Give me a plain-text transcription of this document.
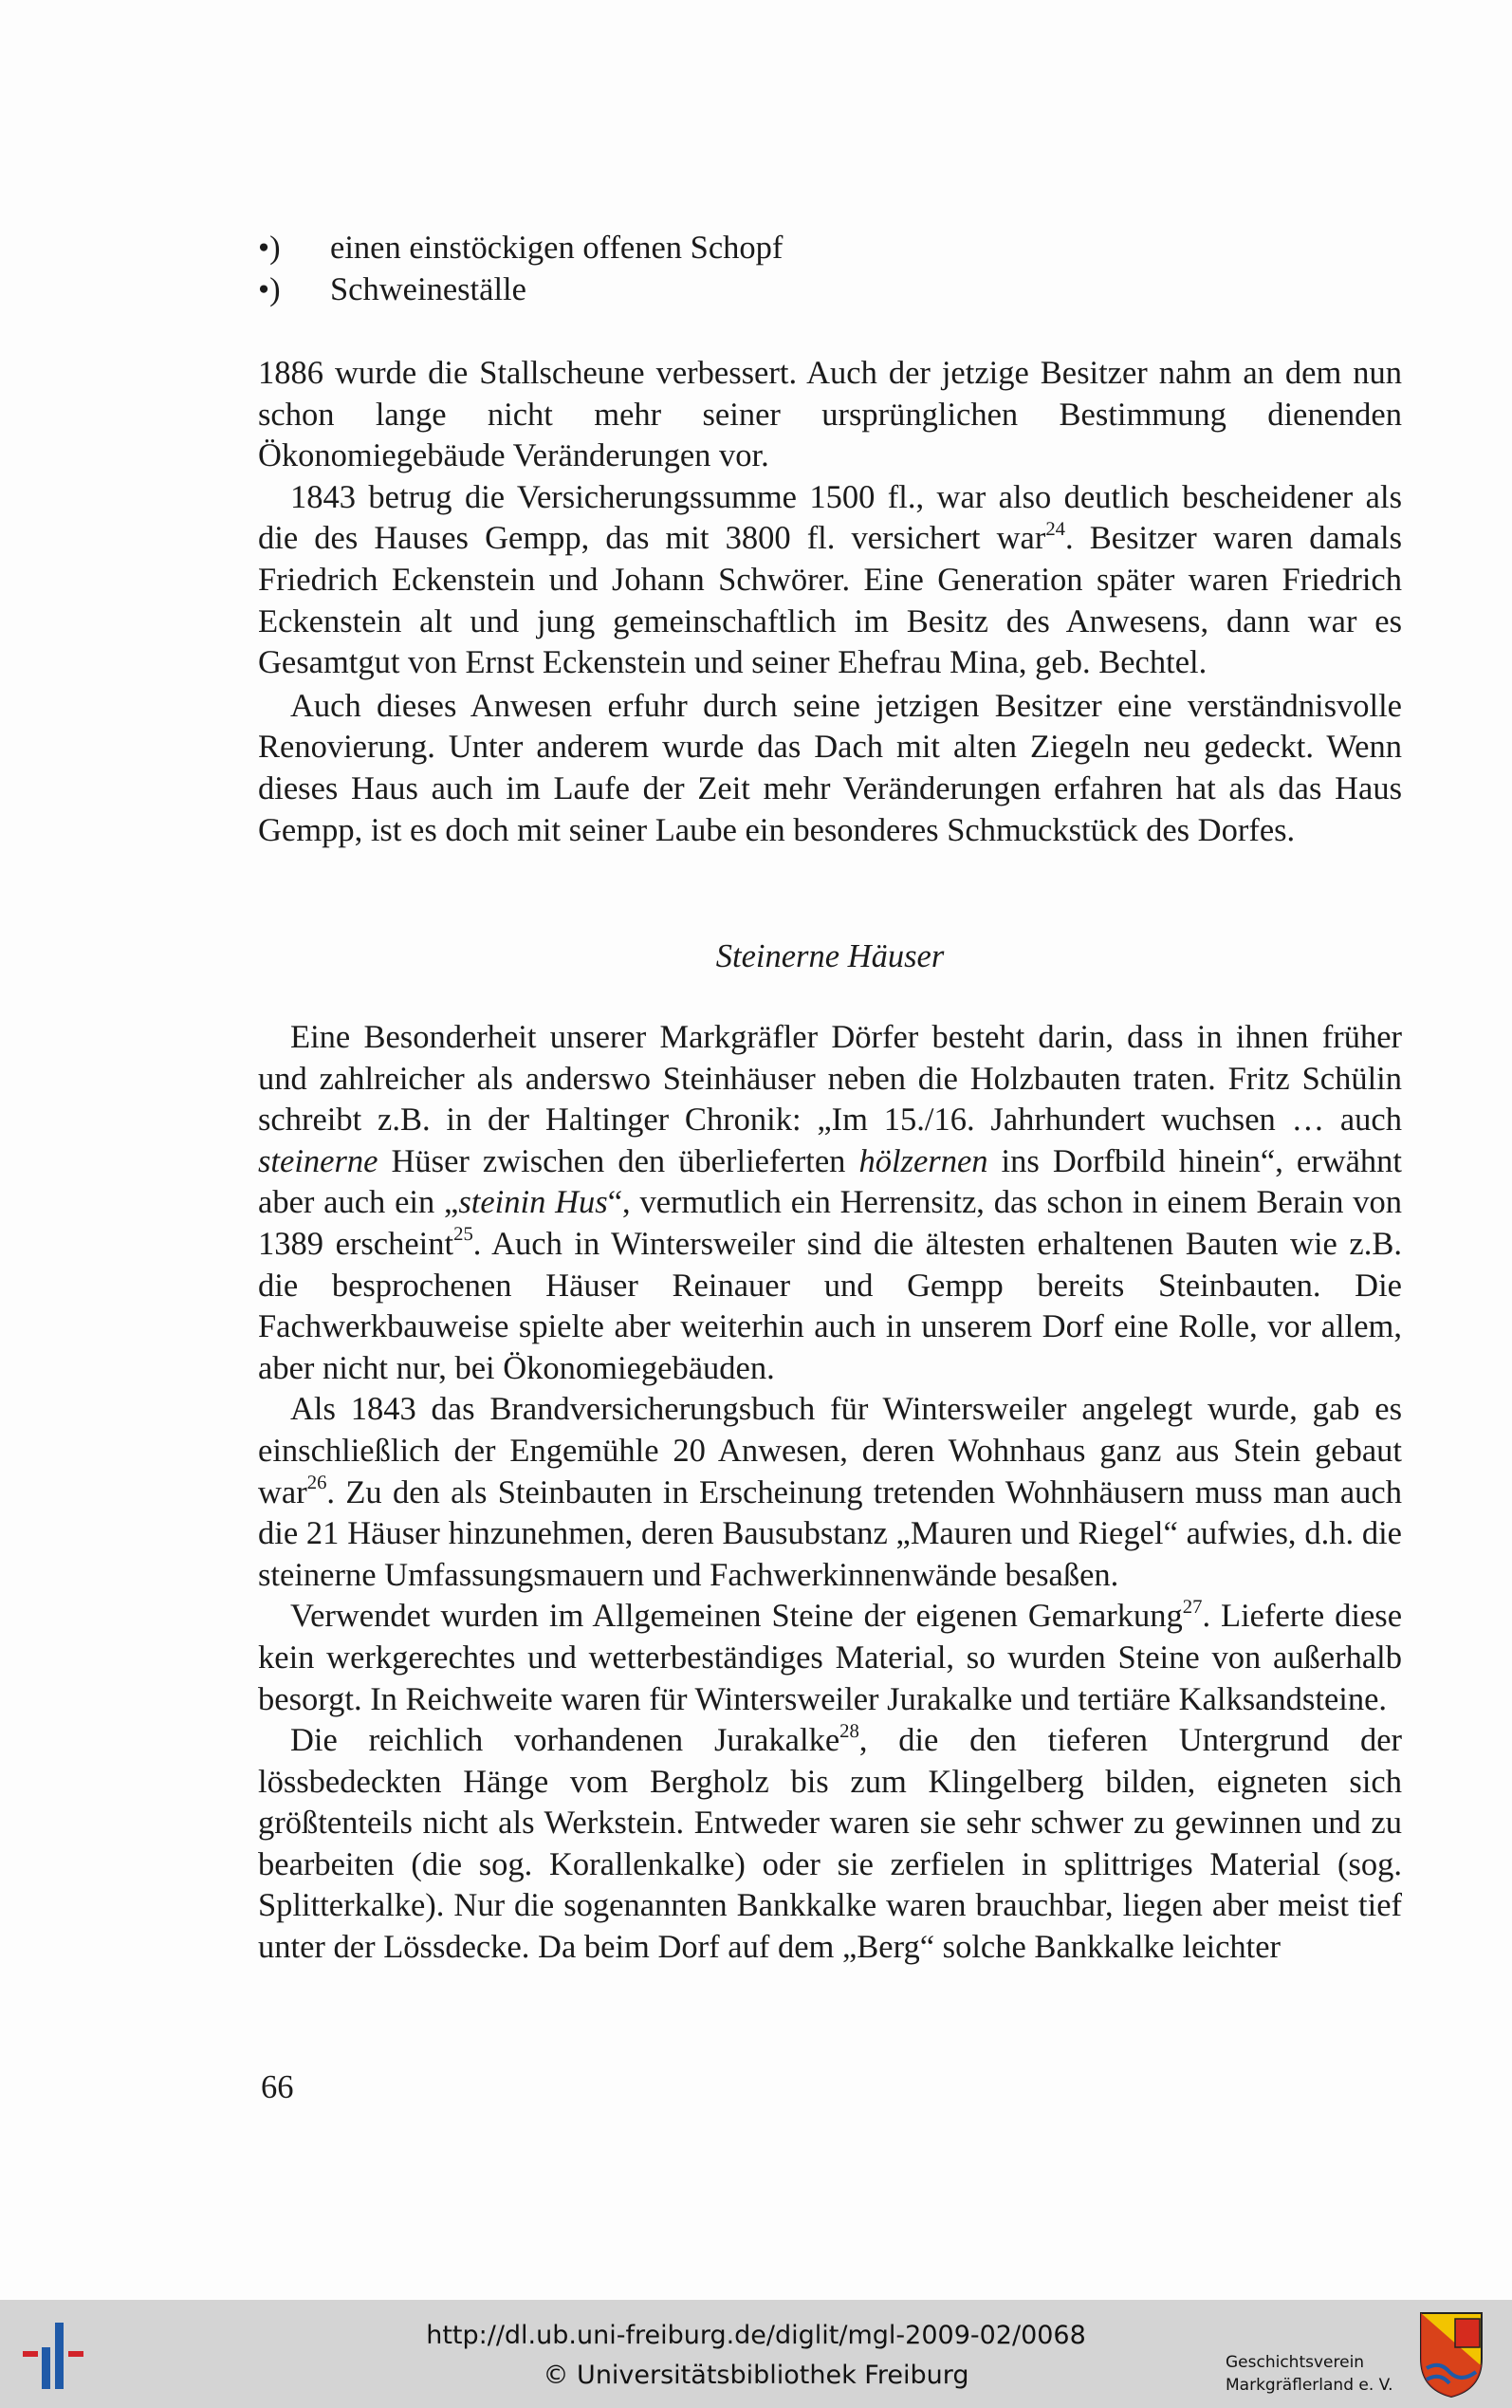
•)	einen einstöckigen offenen Schopf
•)	Schweineställe

1886 wurde die Stallscheune verbessert. Auch der jetzige Besitzer nahm an dem nun schon lange nicht mehr seiner ursprünglichen Bestimmung dienenden Ökonomiegebäude Veränderungen vor.

1843 betrug die Versicherungssumme 1500 fl., war also deutlich bescheidener als die des Hauses Gempp, das mit 3800 fl. versichert war$^{24}$. Besitzer waren damals Friedrich Eckenstein und Johann Schwörer. Eine Generation später waren Friedrich Eckenstein alt und jung gemeinschaftlich im Besitz des Anwesens, dann war es Gesamtgut von Ernst Eckenstein und seiner Ehefrau Mina, geb. Bechtel.

Auch dieses Anwesen erfuhr durch seine jetzigen Besitzer eine verständnisvolle Renovierung. Unter anderem wurde das Dach mit alten Ziegeln neu gedeckt. Wenn dieses Haus auch im Laufe der Zeit mehr Veränderungen erfahren hat als das Haus Gempp, ist es doch mit seiner Laube ein besonderes Schmuckstück des Dorfes.

Steinerne Häuser

Eine Besonderheit unserer Markgräfler Dörfer besteht darin, dass in ihnen früher und zahlreicher als anderswo Steinhäuser neben die Holzbauten traten. Fritz Schülin schreibt z.B. in der Haltinger Chronik: „Im 15./16. Jahrhundert wuchsen … auch steinerne Hüser zwischen den überlieferten hölzernen ins Dorfbild hinein“, erwähnt aber auch ein „steinin Hus“, vermutlich ein Herrensitz, das schon in einem Berain von 1389 erscheint$^{25}$. Auch in Wintersweiler sind die ältesten erhaltenen Bauten wie z.B. die besprochenen Häuser Reinauer und Gempp bereits Steinbauten. Die Fachwerkbauweise spielte aber weiterhin auch in unserem Dorf eine Rolle, vor allem, aber nicht nur, bei Ökonomiegebäuden.

Als 1843 das Brandversicherungsbuch für Wintersweiler angelegt wurde, gab es einschließlich der Engemühle 20 Anwesen, deren Wohnhaus ganz aus Stein gebaut war$^{26}$. Zu den als Steinbauten in Erscheinung tretenden Wohnhäusern muss man auch die 21 Häuser hinzunehmen, deren Bausubstanz „Mauren und Riegel“ aufwies, d.h. die steinerne Umfassungsmauern und Fachwerkinnenwände besaßen.

Verwendet wurden im Allgemeinen Steine der eigenen Gemarkung$^{27}$. Lieferte diese kein werkgerechtes und wetterbeständiges Material, so wurden Steine von außerhalb besorgt. In Reichweite waren für Wintersweiler Jurakalke und tertiäre Kalksandsteine.

Die reichlich vorhandenen Jurakalke$^{28}$, die den tieferen Untergrund der lössbedeckten Hänge vom Bergholz bis zum Klingelberg bilden, eigneten sich größtenteils nicht als Werkstein. Entweder waren sie sehr schwer zu gewinnen und zu bearbeiten (die sog. Korallenkalke) oder sie zerfielen in splittriges Material (sog. Splitterkalke). Nur die sogenannten Bankkalke waren brauchbar, liegen aber meist tief unter der Lössdecke. Da beim Dorf auf dem „Berg“ solche Bankkalke leichter

66
http://dl.ub.uni-freiburg.de/diglit/mgl-2009-02/0068
© Universitätsbibliothek Freiburg	Geschichtsverein
Markgräflerland e. V.
